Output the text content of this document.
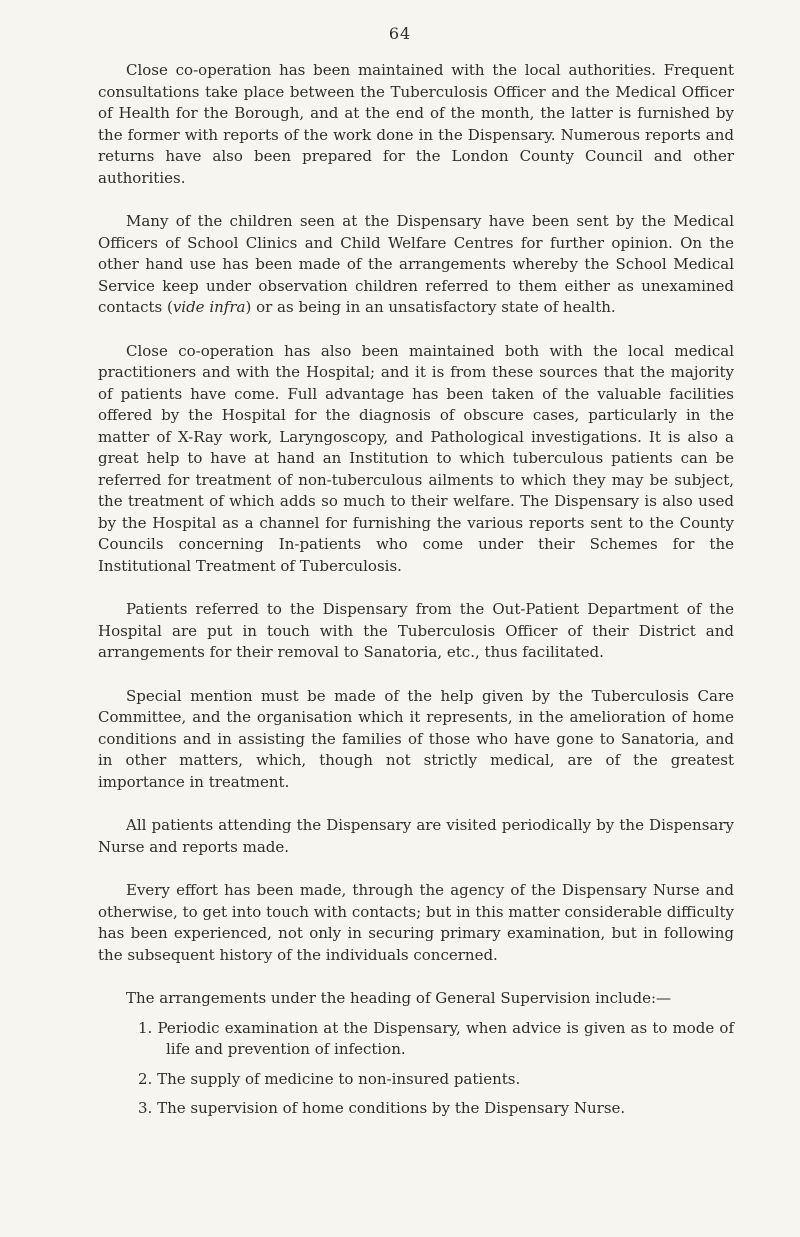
64

Close co-operation has been maintained with the local authorities. Frequent consultations take place between the Tuberculosis Officer and the Medical Officer of Health for the Borough, and at the end of the month, the latter is furnished by the former with reports of the work done in the Dispensary. Numerous reports and returns have also been prepared for the London County Council and other authorities.

Many of the children seen at the Dispensary have been sent by the Medical Officers of School Clinics and Child Welfare Centres for further opinion. On the other hand use has been made of the arrangements whereby the School Medical Service keep under observation children referred to them either as unexamined contacts (vide infra) or as being in an unsatisfactory state of health.

Close co-operation has also been maintained both with the local medical practitioners and with the Hospital; and it is from these sources that the majority of patients have come. Full advantage has been taken of the valuable facilities offered by the Hospital for the diagnosis of obscure cases, particularly in the matter of X-Ray work, Laryngoscopy, and Pathological investigations. It is also a great help to have at hand an Institution to which tuberculous patients can be referred for treatment of non-tuberculous ailments to which they may be subject, the treatment of which adds so much to their welfare. The Dispensary is also used by the Hospital as a channel for furnishing the various reports sent to the County Councils concerning In-patients who come under their Schemes for the Institutional Treatment of Tuberculosis.

Patients referred to the Dispensary from the Out-Patient Department of the Hospital are put in touch with the Tuberculosis Officer of their District and arrangements for their removal to Sanatoria, etc., thus facilitated.

Special mention must be made of the help given by the Tuberculosis Care Committee, and the organisation which it represents, in the amelioration of home conditions and in assisting the families of those who have gone to Sanatoria, and in other matters, which, though not strictly medical, are of the greatest importance in treatment.

All patients attending the Dispensary are visited periodically by the Dispensary Nurse and reports made.

Every effort has been made, through the agency of the Dispensary Nurse and otherwise, to get into touch with contacts; but in this matter considerable difficulty has been experienced, not only in securing primary examination, but in following the subsequent history of the individuals concerned.

The arrangements under the heading of General Supervision include:—

1. Periodic examination at the Dispensary, when advice is given as to mode of life and prevention of infection.

2. The supply of medicine to non-insured patients.

3. The supervision of home conditions by the Dispensary Nurse.
